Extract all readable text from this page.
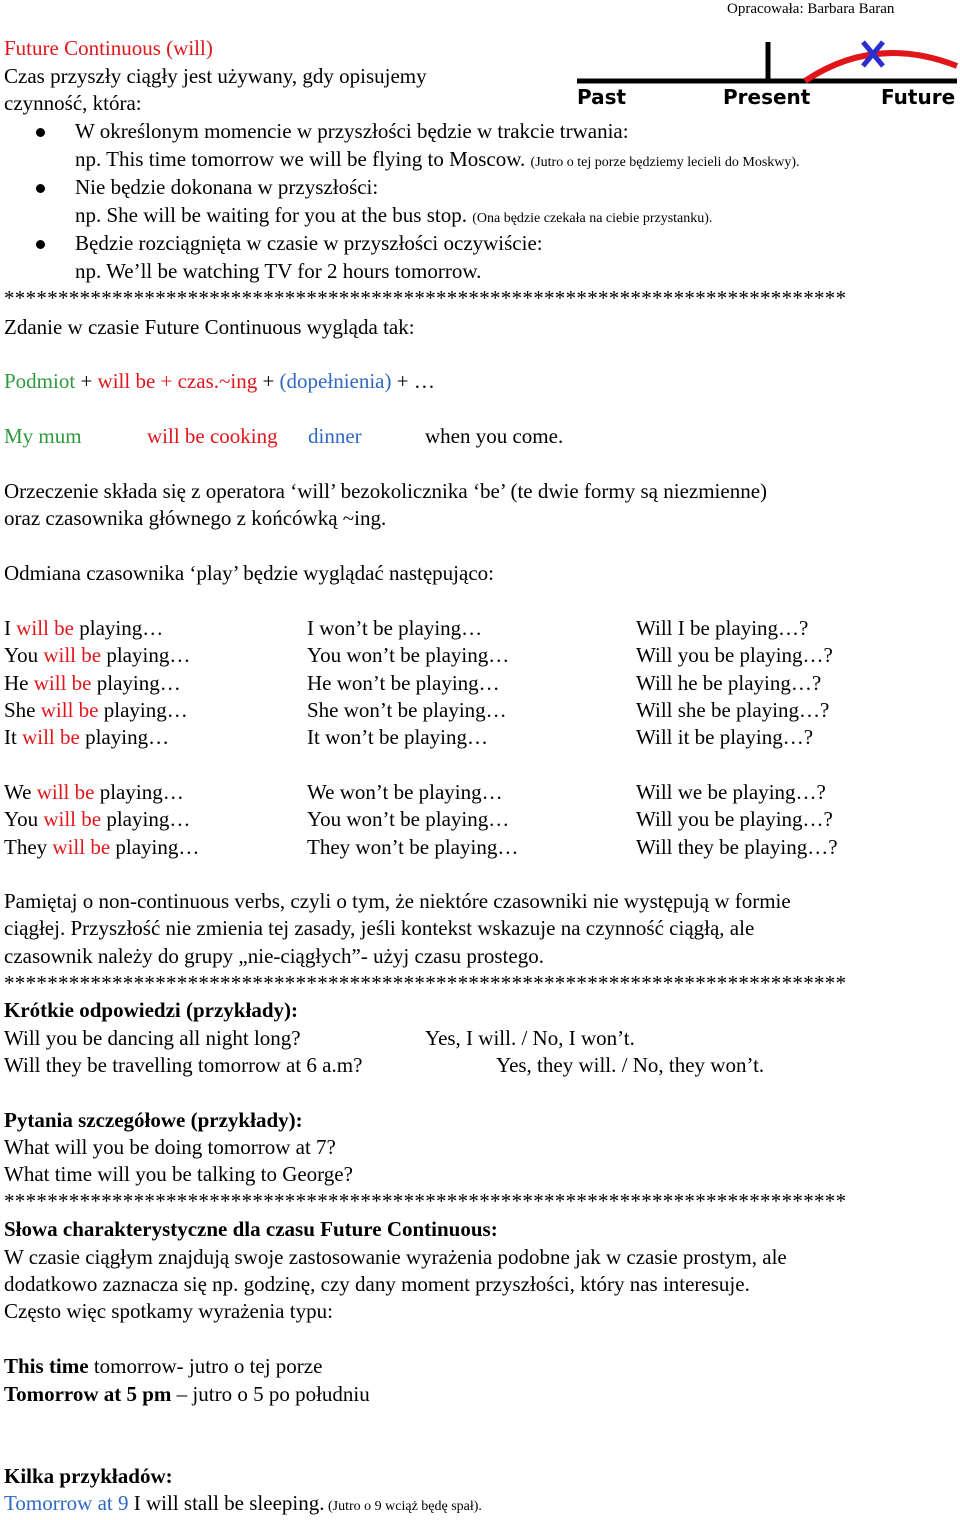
Opracowała: Barbara Baran
Past	Present	Future
Future Continuous (will)
Czas przyszły ciągły jest używany, gdy opisujemy
czynność, która:
W określonym momencie w przyszłości będzie w trakcie trwania:
np. This time tomorrow we will be flying to Moscow. (Jutro o tej porze będziemy lecieli do Moskwy).
Nie będzie dokonana w przyszłości:
np. She will be waiting for you at the bus stop. (Ona będzie czekała na ciebie przystanku).
Będzie rozciągnięta w czasie w przyszłości oczywiście:
np. We’ll be watching TV for 2 hours tomorrow.
******************************************************************************
Zdanie w czasie Future Continuous wygląda tak:
Podmiot + will be + czas.~ing + (dopełnienia) + …
My mum	will be cooking dinner	when you come.
Orzeczenie składa się z operatora ‘will’ bezokolicznika ‘be’ (te dwie formy są niezmienne)
oraz czasownika głównego z końcówką ~ing.
Odmiana czasownika ‘play’ będzie wyglądać następująco:
I will be playing…	I won’t be playing…	Will I be playing…?
You will be playing…	You won’t be playing…	Will you be playing…?
He will be playing…	He won’t be playing…	Will he be playing…?
She will be playing…	She won’t be playing…	Will she be playing…?
It will be playing…	It won’t be playing…	Will it be playing…?
We will be playing…	We won’t be playing…	Will we be playing…?
You will be playing…	You won’t be playing…	Will you be playing…?
They will be playing…	They won’t be playing…	Will they be playing…?
Pamiętaj o non-continuous verbs, czyli o tym, że niektóre czasowniki nie występują w formie
ciągłej. Przyszłość nie zmienia tej zasady, jeśli kontekst wskazuje na czynność ciągłą, ale
czasownik należy do grupy „nie-ciągłych”- użyj czasu prostego.
******************************************************************************
Krótkie odpowiedzi (przykłady):
Will you be dancing all night long?	Yes, I will. / No, I won’t.
Will they be travelling tomorrow at 6 a.m?	Yes, they will. / No, they won’t.
Pytania szczegółowe (przykłady):
What will you be doing tomorrow at 7?
What time will you be talking to George?
******************************************************************************
Słowa charakterystyczne dla czasu Future Continuous:
W czasie ciągłym znajdują swoje zastosowanie wyrażenia podobne jak w czasie prostym, ale
dodatkowo zaznacza się np. godzinę, czy dany moment przyszłości, który nas interesuje.
Często więc spotkamy wyrażenia typu:
This time tomorrow- jutro o tej porze
Tomorrow at 5 pm – jutro o 5 po południu
Kilka przykładów:
Tomorrow at 9 I will stall be sleeping. (Jutro o 9 wciąż będę spał).
